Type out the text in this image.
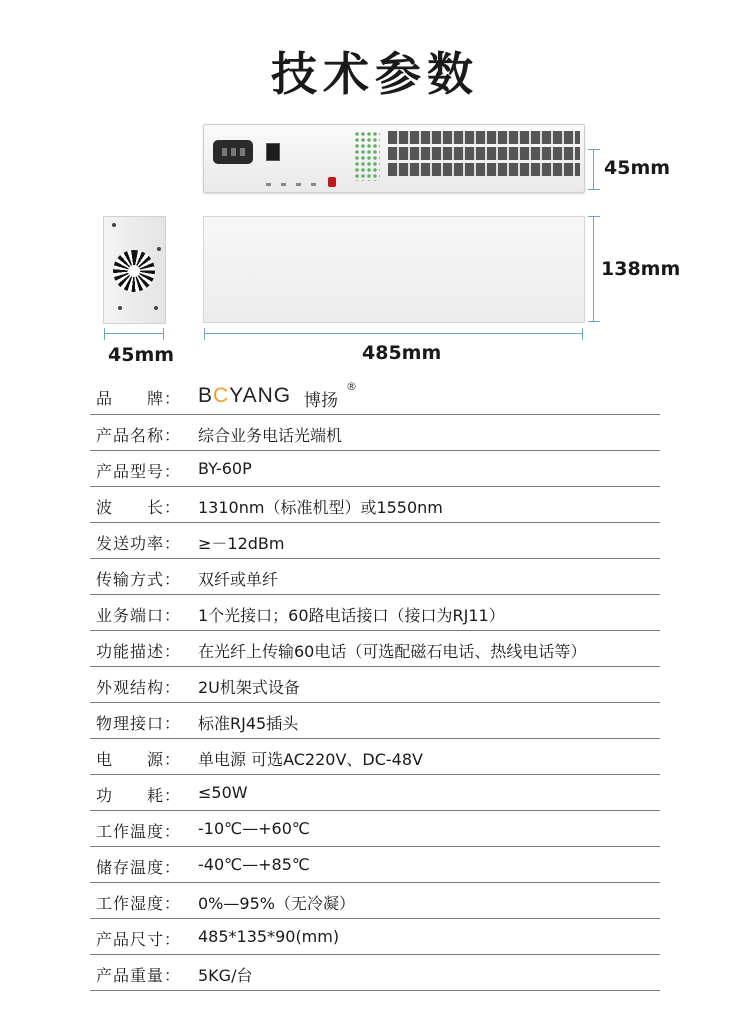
技术参数
45mm
138mm
45mm	485mm
品　　牌： BCYANG 博扬
®
产品名称： 综合业务电话光端机
产品型号： BY-60P
波　　长： 1310nm（标准机型）或1550nm
发送功率： ≥－12dBm
传输方式： 双纤或单纤
业务端口： 1个光接口；60路电话接口（接口为RJ11）
功能描述： 在光纤上传输60电话（可选配磁石电话、热线电话等）
外观结构： 2U机架式设备
物理接口： 标准RJ45插头
电　　源： 单电源 可选AC220V、DC-48V
功　　耗： ≤50W
工作温度： -10℃—+60℃
储存温度： -40℃—+85℃
工作湿度： 0%—95%（无冷凝）
产品尺寸： 485*135*90(mm)
产品重量： 5KG/台
